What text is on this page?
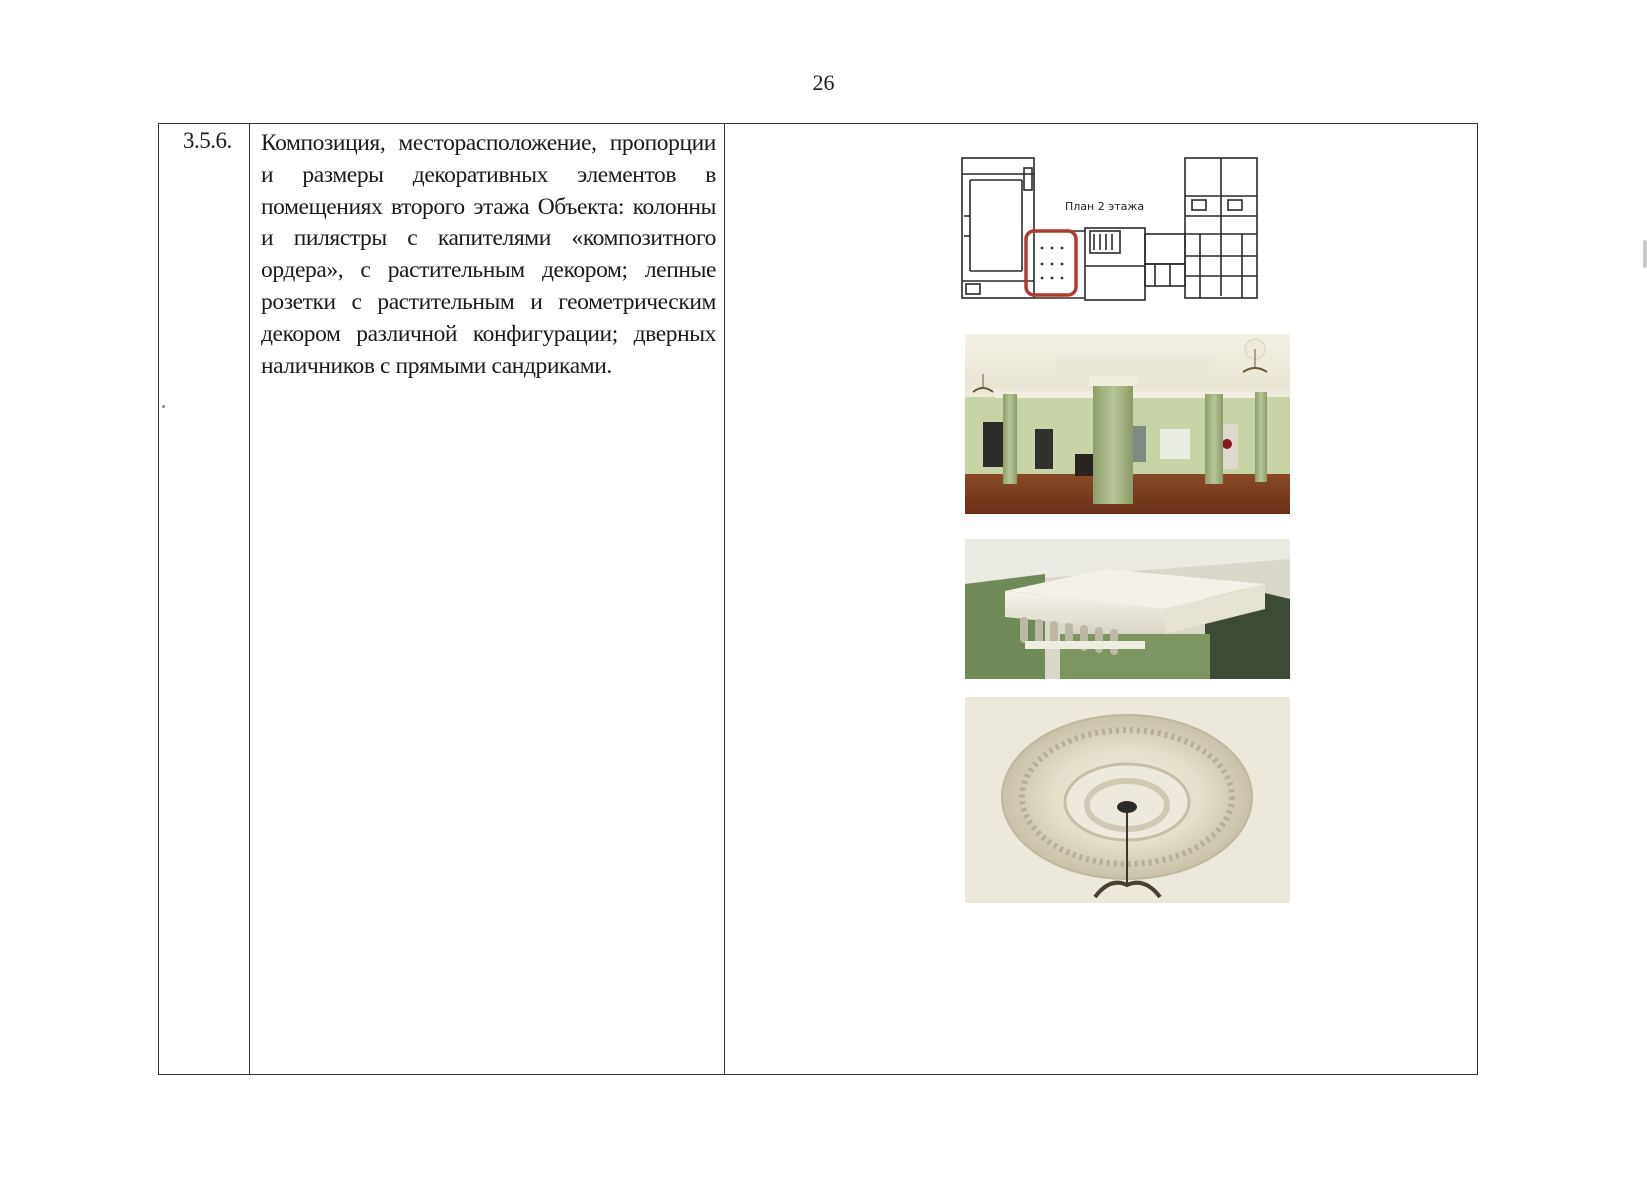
26
3.5.6.	Композиция, месторасположение, пропорции и размеры декоративных элементов в помещениях второго этажа Объекта: колонны и пилястры с капителями «композитного ордера», с растительным декором; лепные розетки с растительным и геометрическим декором различной конфигурации; дверных наличников с прямыми сандриками.

План 2 этажа
